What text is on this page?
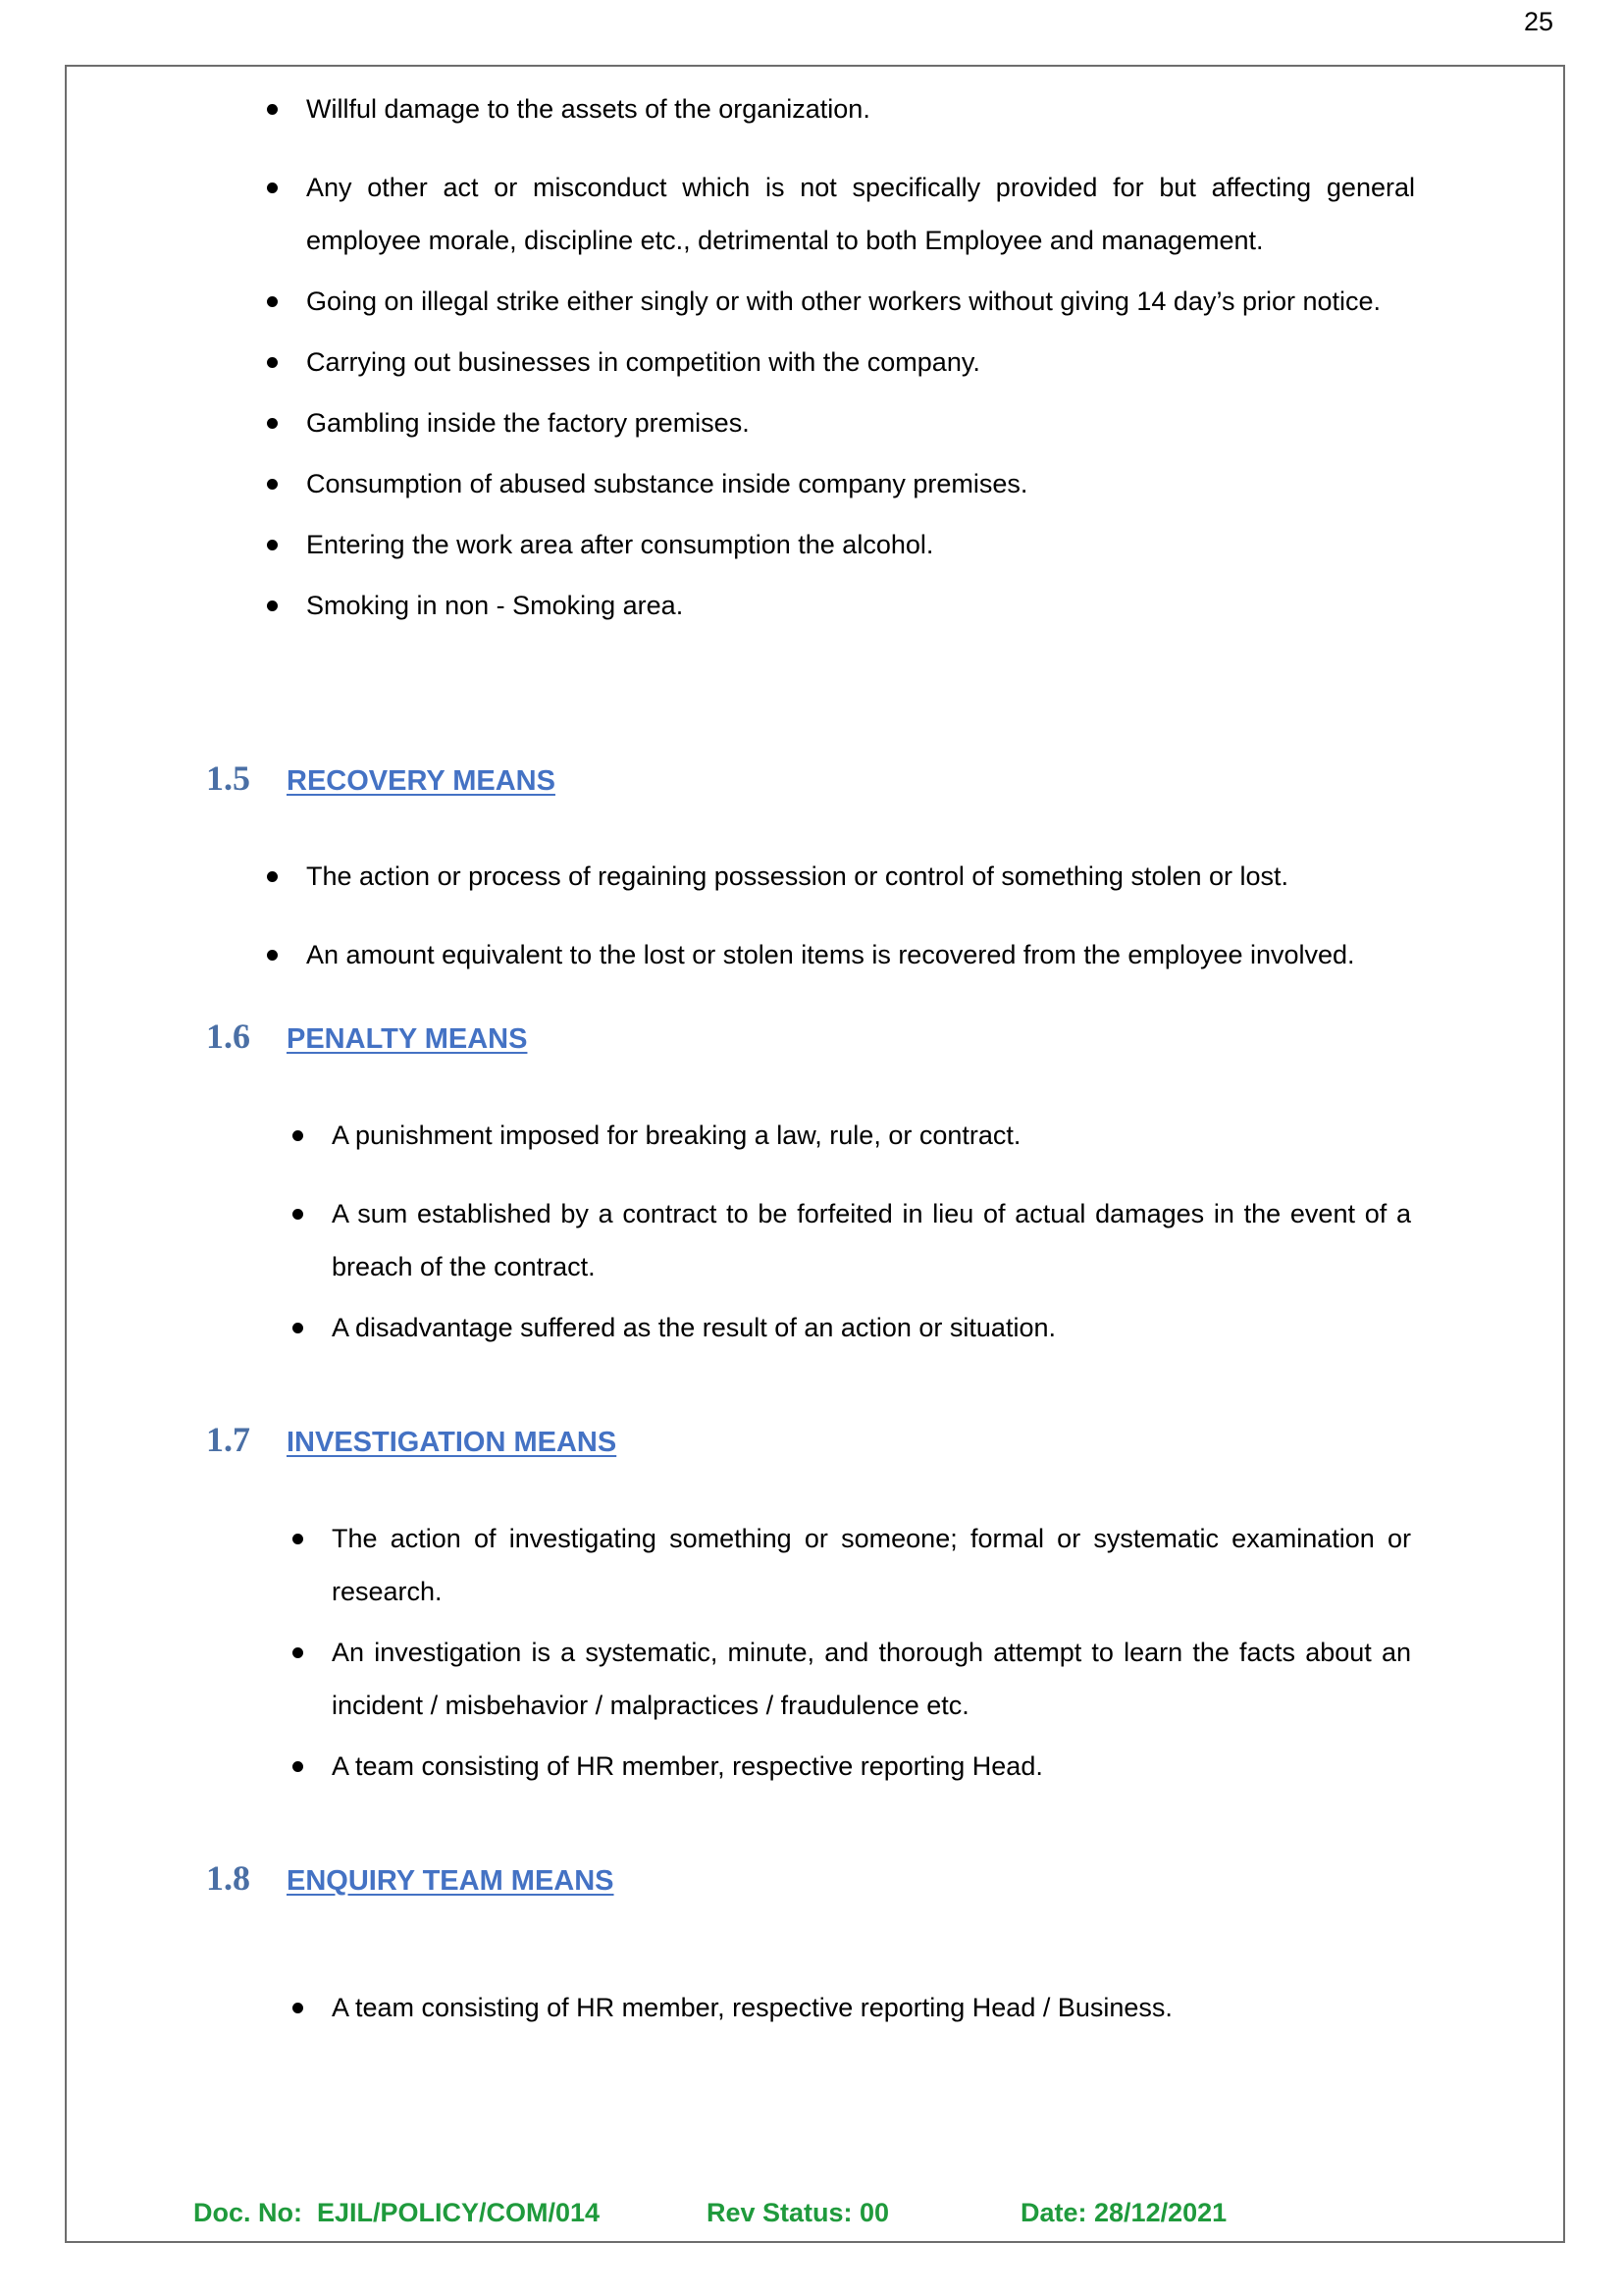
25
Willful damage to the assets of the organization.
Any other act or misconduct which is not specifically provided for but affecting general employee morale, discipline etc., detrimental to both Employee and management.
Going on illegal strike either singly or with other workers without giving 14 day’s prior notice.
Carrying out businesses in competition with the company.
Gambling inside the factory premises.
Consumption of abused substance inside company premises.
Entering the work area after consumption the alcohol.
Smoking in non - Smoking area.
1.5	RECOVERY MEANS
The action or process of regaining possession or control of something stolen or lost.
An amount equivalent to the lost or stolen items is recovered from the employee involved.
1.6	PENALTY MEANS
A punishment imposed for breaking a law, rule, or contract.
A sum established by a contract to be forfeited in lieu of actual damages in the event of a breach of the contract.
A disadvantage suffered as the result of an action or situation.
1.7	INVESTIGATION MEANS
The action of investigating something or someone; formal or systematic examination or research.
An investigation is a systematic, minute, and thorough attempt to learn the facts about an incident / misbehavior / malpractices / fraudulence etc.
A team consisting of HR member, respective reporting Head.
1.8	ENQUIRY TEAM MEANS
A team consisting of HR member, respective reporting Head / Business.
Doc. No:  EJIL/POLICY/COM/014	Rev Status: 00	Date: 28/12/2021
